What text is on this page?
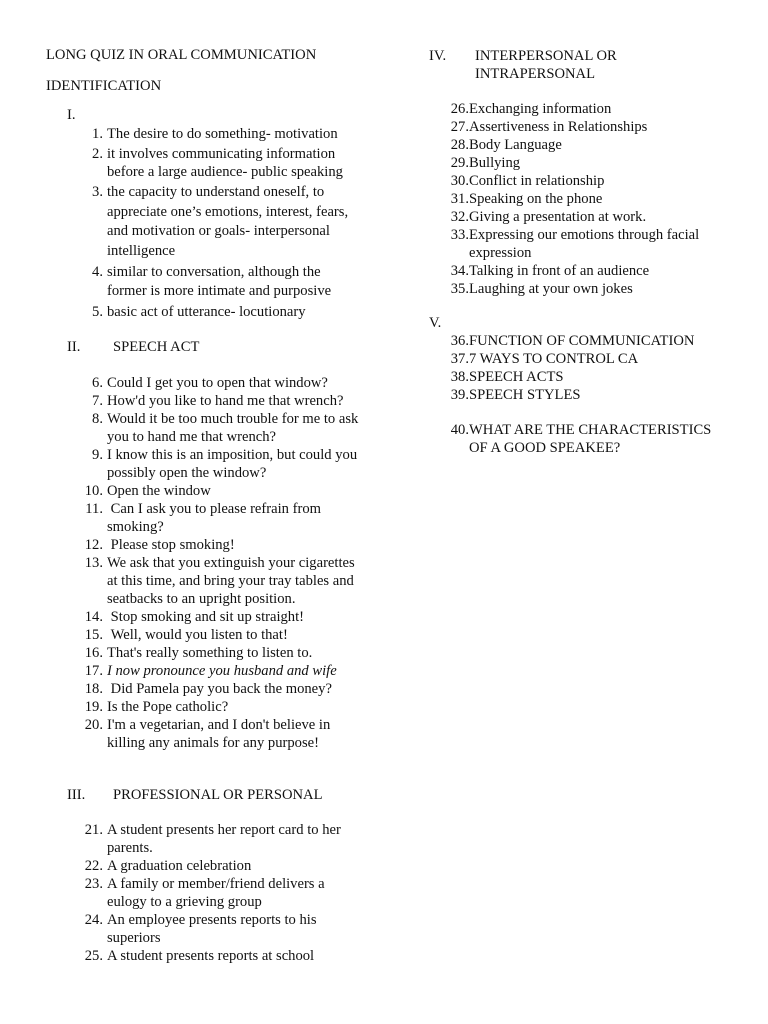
LONG QUIZ IN ORAL COMMUNICATION
IDENTIFICATION
I.
1. The desire to do something- motivation
2. it involves communicating information before a large audience- public speaking
3. the capacity to understand oneself, to appreciate one’s emotions, interest, fears, and motivation or goals- interpersonal intelligence
4. similar to conversation, although the former is more intimate and purposive
5. basic act of utterance- locutionary
II. SPEECH ACT
6. Could I get you to open that window?
7. How'd you like to hand me that wrench?
8. Would it be too much trouble for me to ask you to hand me that wrench?
9. I know this is an imposition, but could you possibly open the window?
10. Open the window
11. Can I ask you to please refrain from smoking?
12. Please stop smoking!
13. We ask that you extinguish your cigarettes at this time, and bring your tray tables and seatbacks to an upright position.
14. Stop smoking and sit up straight!
15. Well, would you listen to that!
16. That's really something to listen to.
17. I now pronounce you husband and wife
18. Did Pamela pay you back the money?
19. Is the Pope catholic?
20. I'm a vegetarian, and I don't believe in killing any animals for any purpose!
III. PROFESSIONAL OR PERSONAL
21. A student presents her report card to her parents.
22. A graduation celebration
23. A family or member/friend delivers a eulogy to a grieving group
24. An employee presents reports to his superiors
25. A student presents reports at school
IV. INTERPERSONAL OR
INTRAPERSONAL
26. Exchanging information
27. Assertiveness in Relationships
28. Body Language
29. Bullying
30. Conflict in relationship
31. Speaking on the phone
32. Giving a presentation at work.
33. Expressing our emotions through facial expression
34. Talking in front of an audience
35. Laughing at your own jokes
V.
36. FUNCTION OF COMMUNICATION
37. 7 WAYS TO CONTROL CA
38. SPEECH ACTS
39. SPEECH STYLES
40. WHAT ARE THE CHARACTERISTICS OF A GOOD SPEAKEE?
